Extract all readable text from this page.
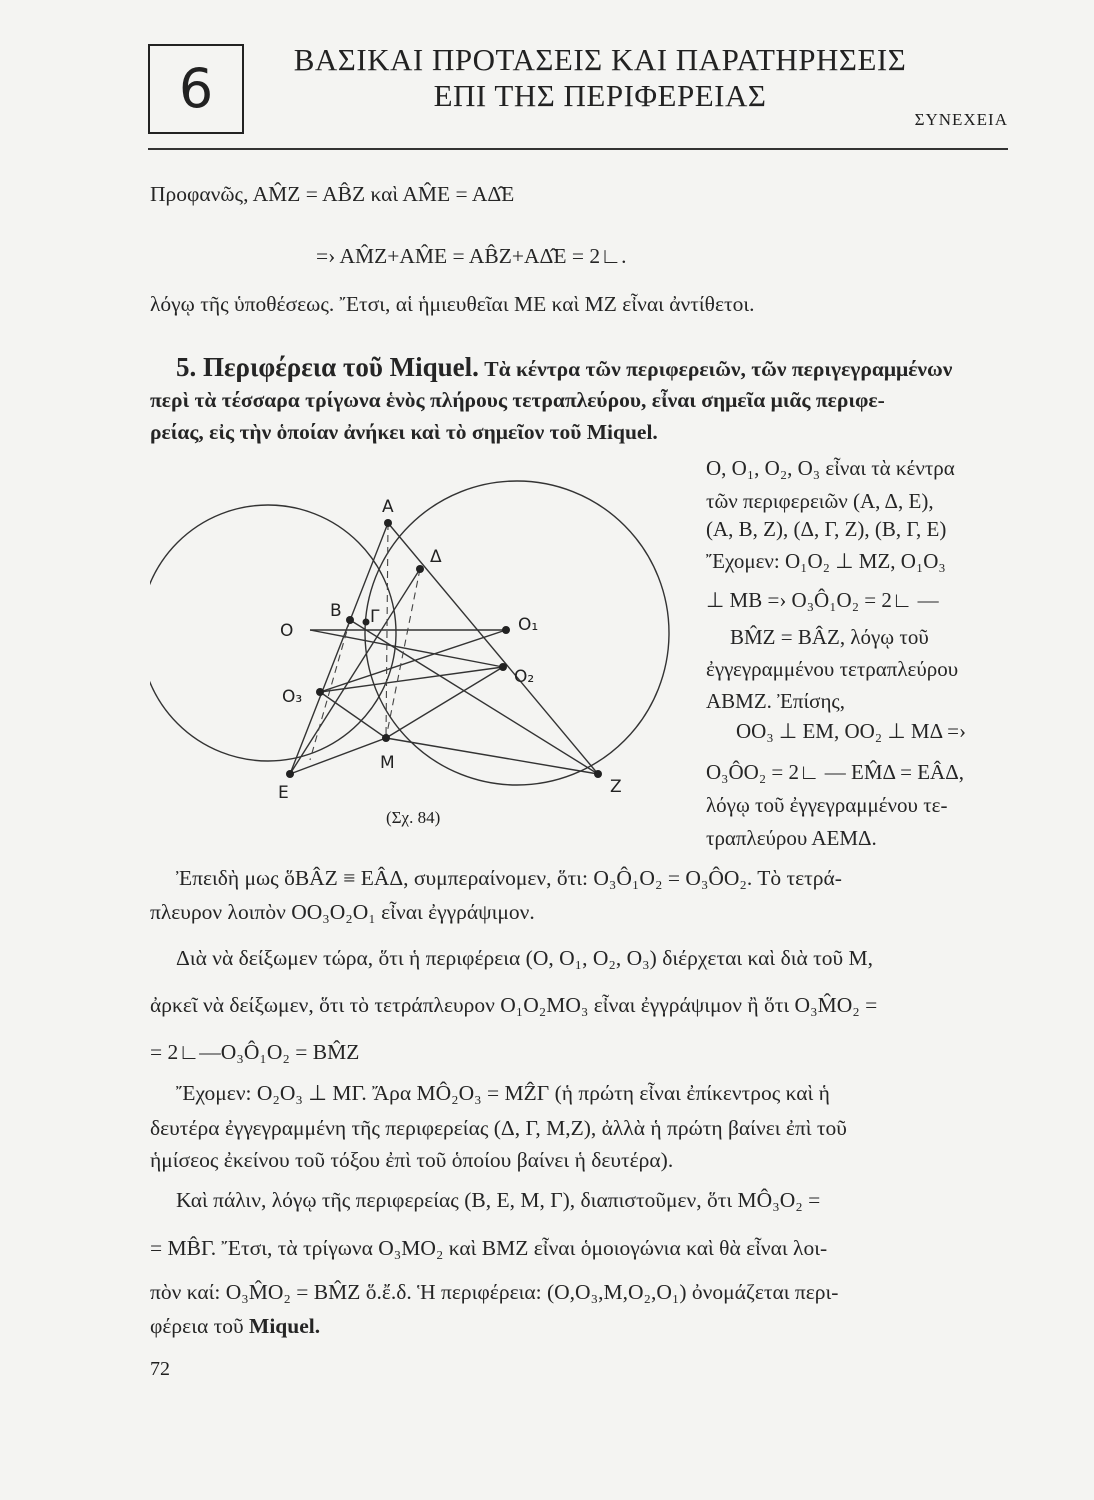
6	ΒΑΣΙΚΑΙ ΠΡΟΤΑΣΕΙΣ ΚΑΙ ΠΑΡΑΤΗΡΗΣΕΙΣ
ΕΠΙ ΤΗΣ ΠΕΡΙΦΕΡΕΙΑΣ
ΣΥΝΕΧΕΙΑ
Προφανῶς, ΑM̂Ζ = ΑB̂Ζ καὶ ΑM̂Ε = ΑΔ̂Ε
=› ΑM̂Ζ+ΑM̂Ε = ΑB̂Ζ+ΑΔ̂Ε = 2∟.
λόγῳ τῆς ὑποθέσεως. Ἔτσι, αἱ ἡμιευθεῖαι ΜΕ καὶ ΜΖ εἶναι ἀντίθετοι.
5. Περιφέρεια τοῦ Miquel. Τὰ κέντρα τῶν περιφερειῶν, τῶν περιγεγραμμένων
περὶ τὰ τέσσαρα τρίγωνα ἑνὸς πλήρους τετραπλεύρου, εἶναι σημεῖα μιᾶς περιφε-
ρείας, εἰς τὴν ὁποίαν ἀνήκει καὶ τὸ σημεῖον τοῦ Miquel.
Ο, Ο₁, Ο₂, Ο₃ εἶναι τὰ κέντρα
τῶν περιφερειῶν (Α, Δ, Ε),
(Α, Β, Ζ), (Δ, Γ, Ζ), (Β, Γ, Ε)
Ἔχομεν: Ο₁Ο₂ ⊥ ΜΖ, Ο₁Ο₃
⊥ ΜΒ =› Ο₃Ô₁Ο₂ = 2∟ —
BM̂Ζ = ΒÂΖ, λόγῳ τοῦ
ἐγγεγραμμένου τετραπλεύρου
ΑΒΜΖ. Ἐπίσης,
ΟΟ₃ ⊥ ΕΜ, ΟΟ₂ ⊥ ΜΔ =›
Ο₃ÔΟ₂ = 2∟ — ΕM̂Δ = ΕÂΔ,
λόγῳ τοῦ ἐγγεγραμμένου τε-
τραπλεύρου ΑΕΜΔ.
Α
Δ
Β Γ
Ο	Ο₁
Ο₂
Ο₃
Ε
Μ
Ζ
(Σχ. 84)
Ἐπειδὴ μως ὅΒÂΖ ≡ ΕÂΔ, συμπεραίνομεν, ὅτι: Ο₃Ô₁Ο₂ = Ο₃ÔΟ₂. Τὸ τετρά-
πλευρον λοιπὸν ΟΟ₃Ο₂Ο₁ εἶναι ἐγγράψιμον.
Διὰ νὰ δείξωμεν τώρα, ὅτι ἡ περιφέρεια (Ο, Ο₁, Ο₂, Ο₃) διέρχεται καὶ διὰ τοῦ Μ,
ἀρκεῖ νὰ δείξωμεν, ὅτι τὸ τετράπλευρον Ο₁Ο₂ΜΟ₃ εἶναι ἐγγράψιμον ἢ ὅτι Ο₃M̂Ο₂ =
= 2∟—Ο₃Ô₁Ο₂ = BM̂Ζ
Ἔχομεν: Ο₂Ο₃ ⊥ ΜΓ. Ἄρα MÔ₂Ο₃ = MẐΓ (ἡ πρώτη εἶναι ἐπίκεντρος καὶ ἡ
δευτέρα ἐγγεγραμμένη τῆς περιφερείας (Δ, Γ, Μ,Ζ), ἀλλὰ ἡ πρώτη βαίνει ἐπὶ τοῦ
ἡμίσεος ἐκείνου τοῦ τόξου ἐπὶ τοῦ ὁποίου βαίνει ἡ δευτέρα).
Καὶ πάλιν, λόγῳ τῆς περιφερείας (Β, Ε, Μ, Γ), διαπιστοῦμεν, ὅτι MÔ₃Ο₂ =
= MB̂Γ. Ἔτσι, τὰ τρίγωνα Ο₃ΜΟ₂ καὶ ΒΜΖ εἶναι ὁμοιογώνια καὶ θὰ εἶναι λοι-
πὸν καί: Ο₃M̂Ο₂ = BM̂Ζ ὅ.ἔ.δ. Ἡ περιφέρεια: (Ο,Ο₃,Μ,Ο₂,Ο₁) ὀνομάζεται περι-
φέρεια τοῦ Miquel.
72
